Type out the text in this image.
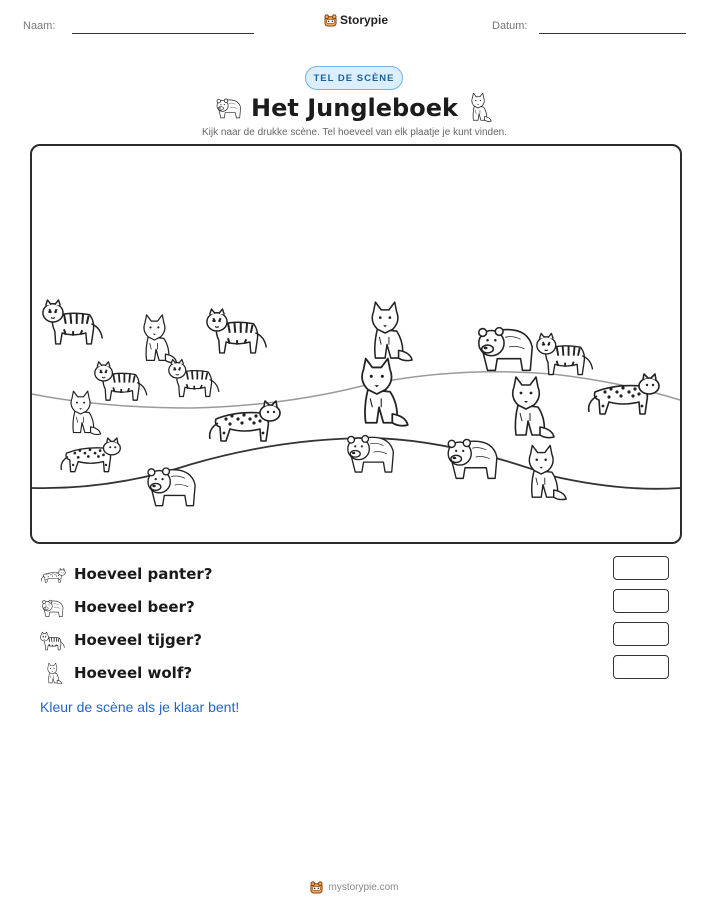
Naam:	Storypie	Datum:
TEL DE SCÈNE
Het Jungleboek
Kijk naar de drukke scène. Tel hoeveel van elk plaatje je kunt vinden.
Hoeveel panter?
Hoeveel beer?
Hoeveel tijger?
Hoeveel wolf?
Kleur de scène als je klaar bent!
mystorypie.com
